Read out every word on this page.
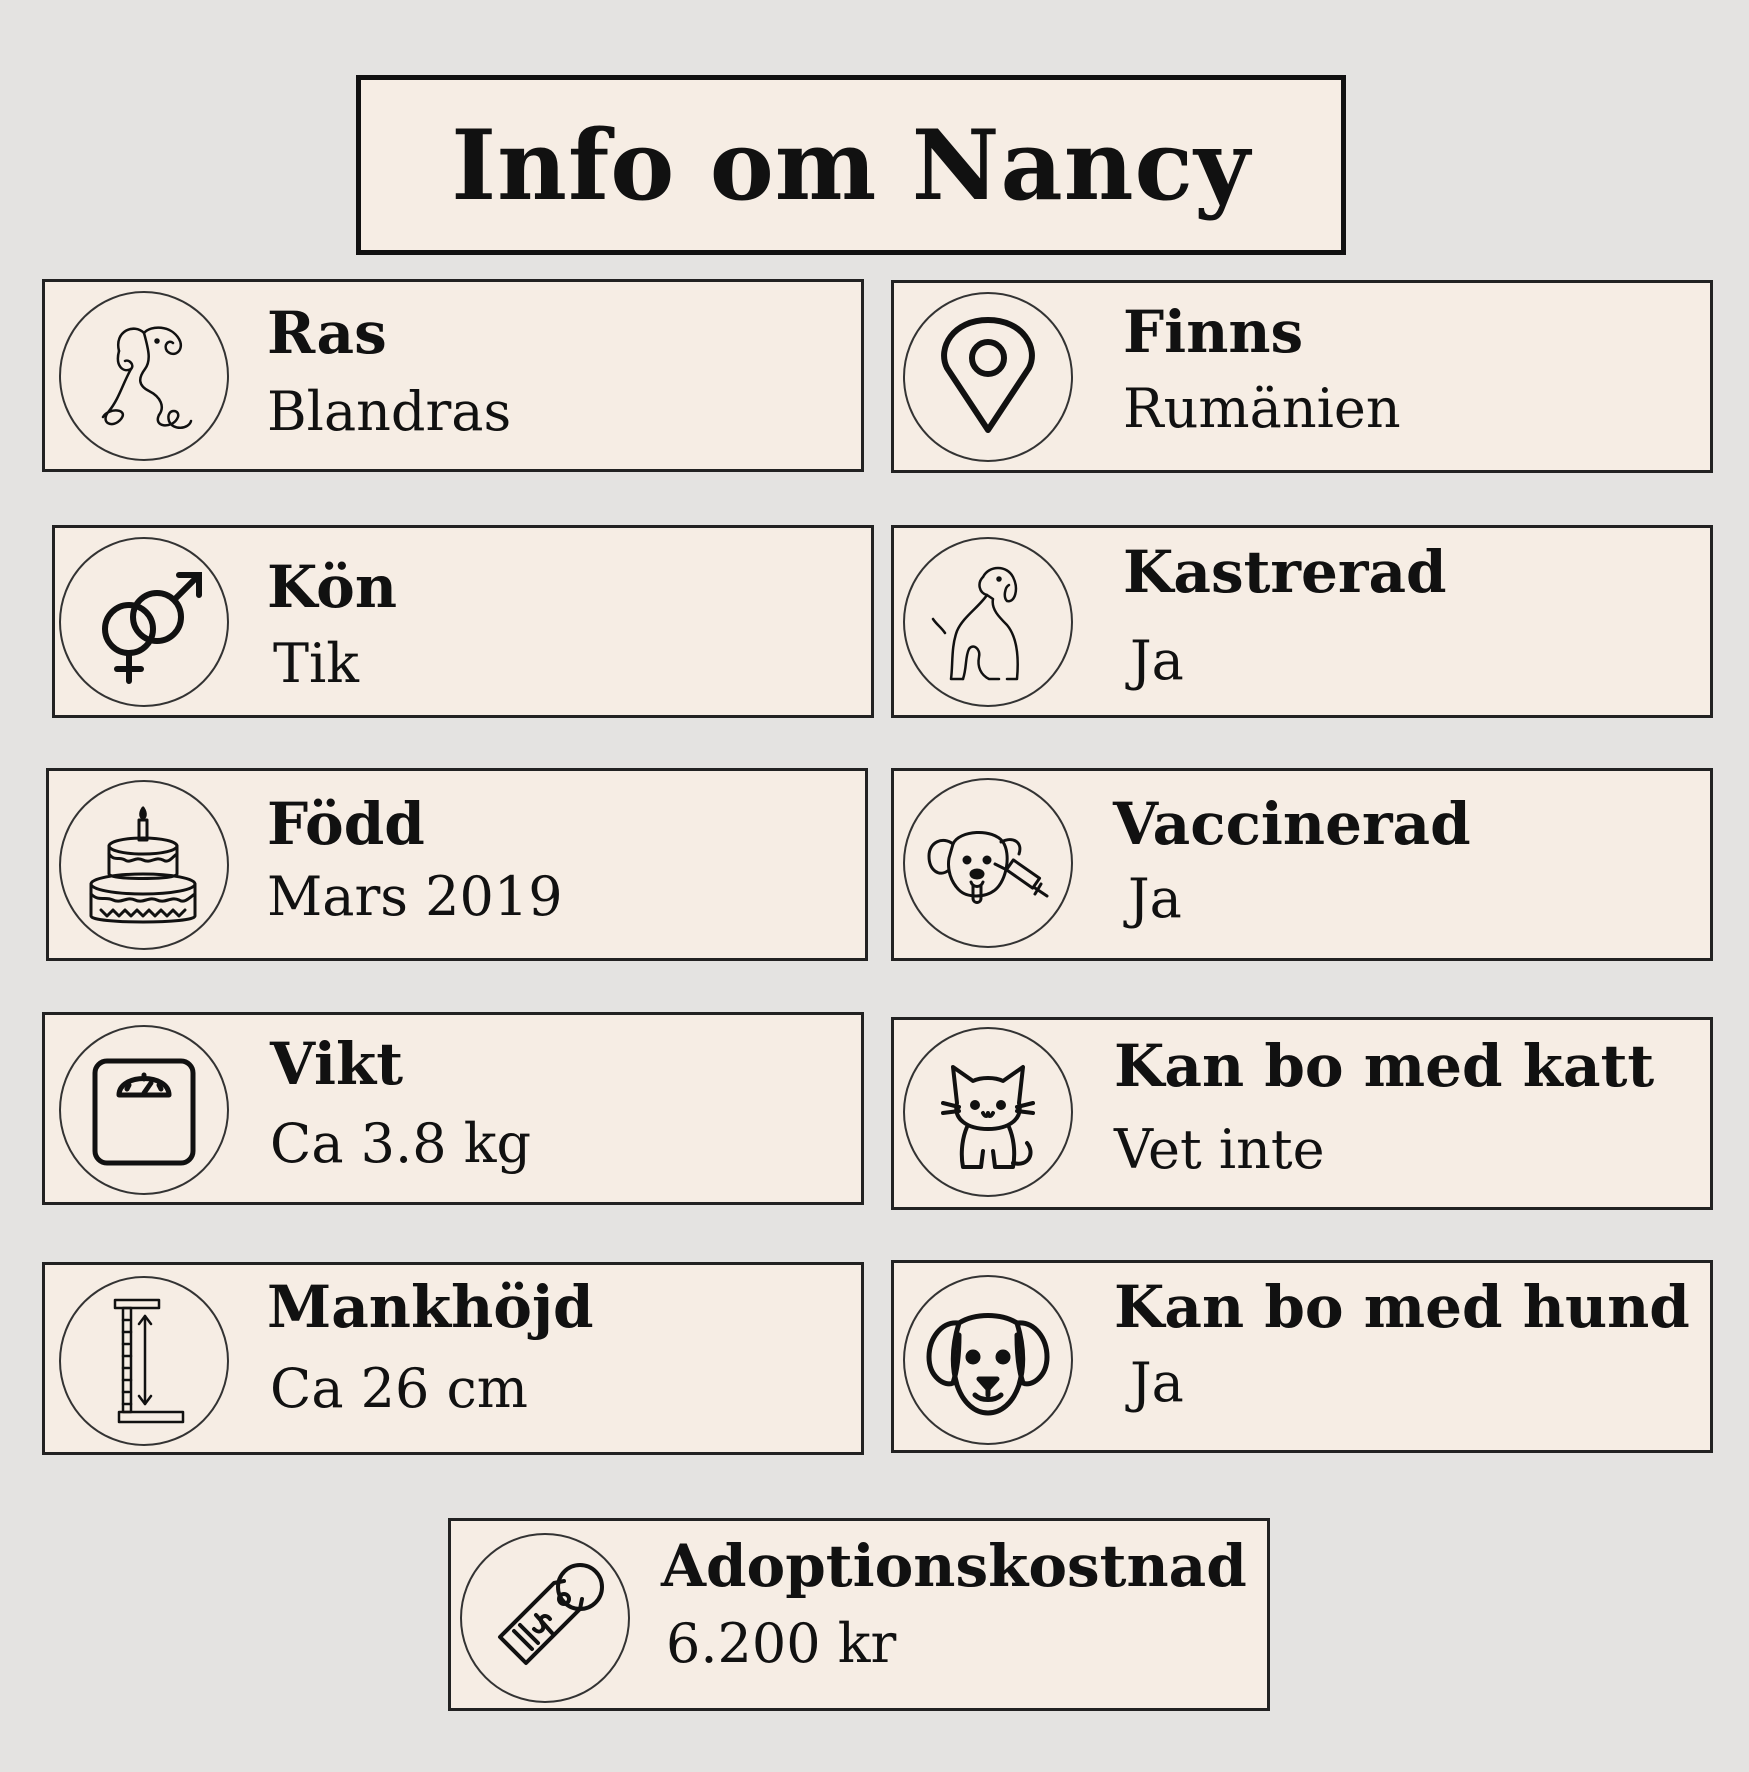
Info om Nancy
Ras
Blandras
Finns
Rumänien
Kön
Tik
Kastrerad
Ja
Född
Mars 2019
Vaccinerad
Ja
Vikt
Ca 3.8 kg
Kan bo med katt
Vet inte
Mankhöjd
Ca 26 cm
Kan bo med hund
Ja
Adoptionskostnad
6.200 kr
